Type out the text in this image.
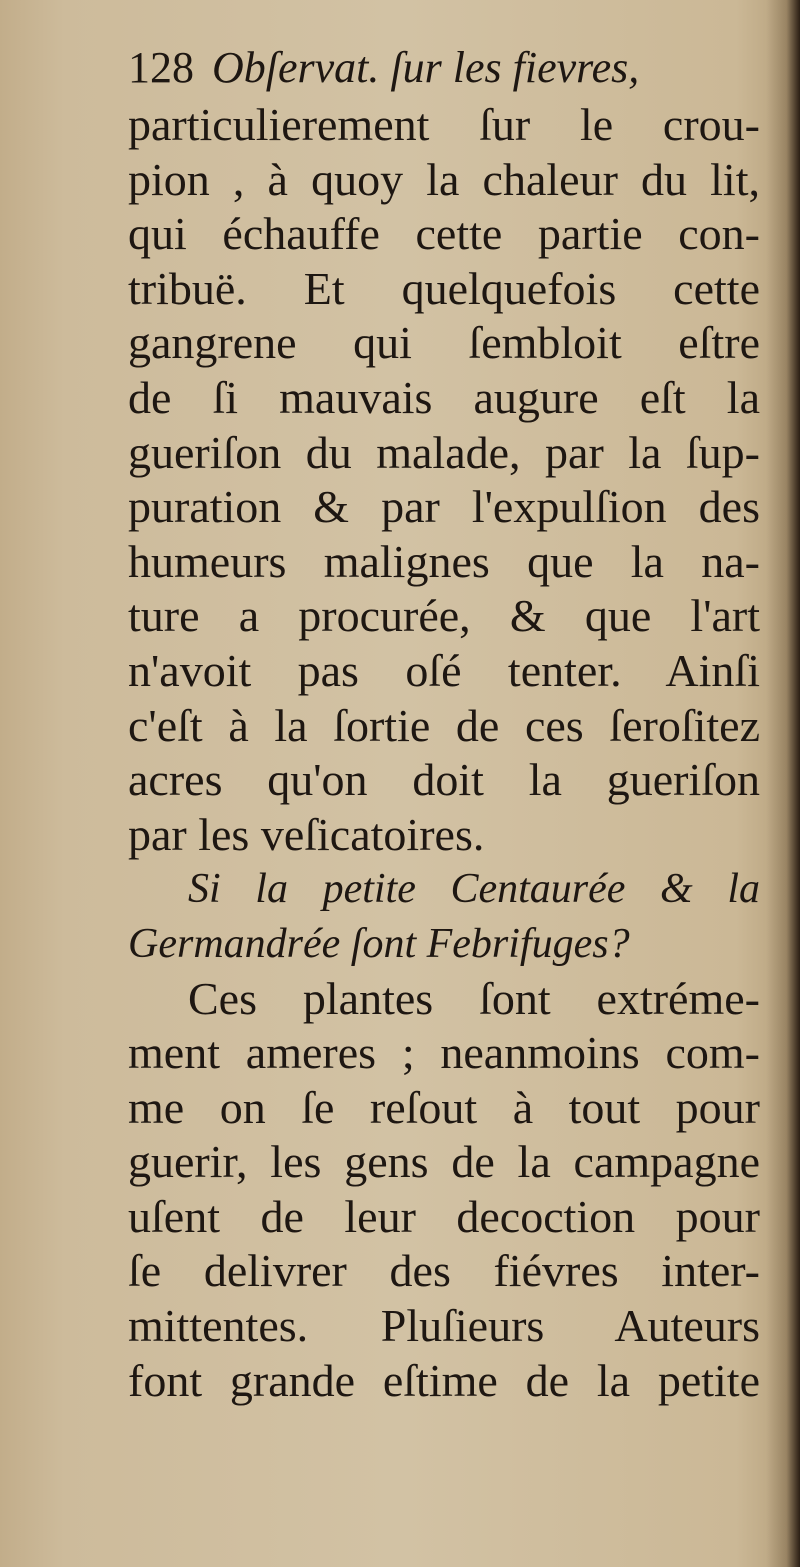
128 Obſervat. ſur les fievres,
particulierement ſur le crou-
pion , à quoy la chaleur du lit,
qui échauffe cette partie con-
tribuë. Et quelquefois cette
gangrene qui ſembloit eſtre
de ſi mauvais augure eſt la
gueriſon du malade, par la ſup-
puration & par l'expulſion des
humeurs malignes que la na-
ture a procurée, & que l'art
n'avoit pas oſé tenter. Ainſi
c'eſt à la ſortie de ces ſeroſitez
acres qu'on doit la gueriſon
par les veſicatoires.
Si la petite Centaurée & la
Germandrée ſont Febrifuges?
Ces plantes ſont extréme-
ment ameres ; neanmoins com-
me on ſe reſout à tout pour
guerir, les gens de la campagne
uſent de leur decoction pour
ſe delivrer des fiévres inter-
mittentes. Pluſieurs Auteurs
font grande eſtime de la petite
